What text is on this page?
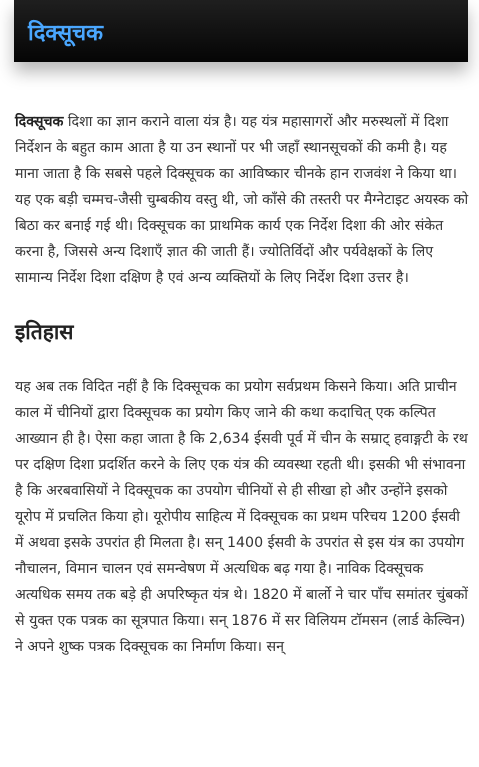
दिक्सूचक

दिक्सूचक दिशा का ज्ञान कराने वाला यंत्र है। यह यंत्र महासागरों और मरुस्थलों में दिशा निर्देशन के बहुत काम आता है या उन स्थानों पर भी जहाँ स्थानसूचकों की कमी है। यह माना जाता है कि सबसे पहले दिक्सूचक का आविष्कार चीनके हान राजवंश ने किया था। यह एक बड़ी चम्मच-जैसी चुम्बकीय वस्तु थी, जो काँसे की तस्तरी पर मैग्नेटाइट अयस्क को बिठा कर बनाई गई थी। दिक्सूचक का प्राथमिक कार्य एक निर्देश दिशा की ओर संकेत करना है, जिससे अन्य दिशाएँ ज्ञात की जाती हैं। ज्योतिर्विदों और पर्यवेक्षकों के लिए सामान्य निर्देश दिशा दक्षिण है एवं अन्य व्यक्तियों के लिए निर्देश दिशा उत्तर है।

इतिहास

यह अब तक विदित नहीं है कि दिक्सूचक का प्रयोग सर्वप्रथम किसने किया। अति प्राचीन काल में चीनियों द्वारा दिक्सूचक का प्रयोग किए जाने की कथा कदाचित् एक कल्पित आख्यान ही है। ऐसा कहा जाता है कि 2,634 ईसवी पूर्व में चीन के सम्राट् हवाङ्गटी के रथ पर दक्षिण दिशा प्रदर्शित करने के लिए एक यंत्र की व्यवस्था रहती थी। इसकी भी संभावना है कि अरबवासियों ने दिक्सूचक का उपयोग चीनियों से ही सीखा हो और उन्होंने इसको यूरोप में प्रचलित किया हो। यूरोपीय साहित्य में दिक्सूचक का प्रथम परिचय 1200 ईसवी में अथवा इसके उपरांत ही मिलता है। सन् 1400 ईसवी के उपरांत से इस यंत्र का उपयोग नौचालन, विमान चालन एवं समन्वेषण में अत्यधिक बढ़ गया है। नाविक दिक्सूचक अत्यधिक समय तक बड़े ही अपरिष्कृत यंत्र थे। 1820 में बार्लो ने चार पाँच समांतर चुंबकों से युक्त एक पत्रक का सूत्रपात किया। सन् 1876 में सर विलियम टॉमसन (लार्ड केल्विन) ने अपने शुष्क पत्रक दिक्सूचक का निर्माण किया। सन्
